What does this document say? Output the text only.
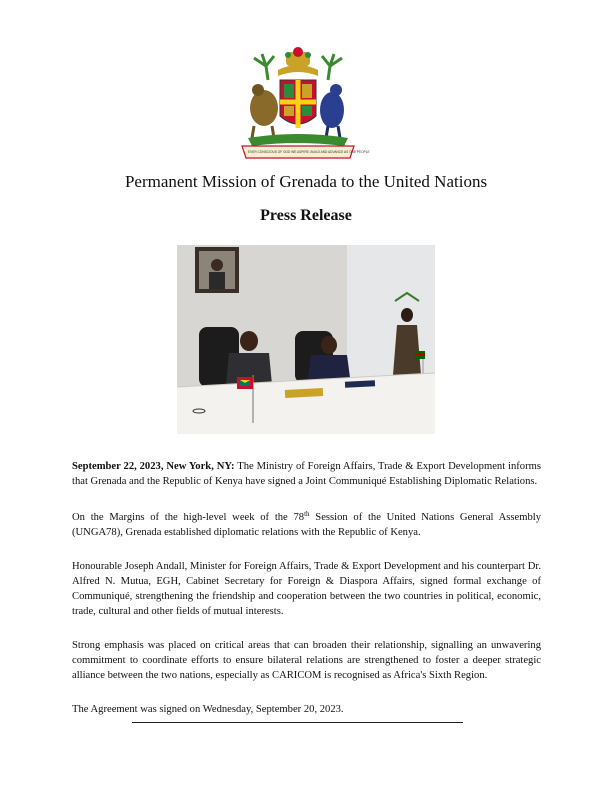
EVER CONSCIOUS OF GOD WE ASPIRE, BUILD AND ADVANCE AS ONE PEOPLE
Permanent Mission of Grenada to the United Nations
Press Release
September 22, 2023, New York, NY: The Ministry of Foreign Affairs, Trade & Export Development informs that Grenada and the Republic of Kenya have signed a Joint Communiqué Establishing Diplomatic Relations.
On the Margins of the high-level week of the 78th Session of the United Nations General Assembly (UNGA78), Grenada established diplomatic relations with the Republic of Kenya.
Honourable Joseph Andall, Minister for Foreign Affairs, Trade & Export Development and his counterpart Dr. Alfred N. Mutua, EGH, Cabinet Secretary for Foreign & Diaspora Affairs, signed formal exchange of Communiqué, strengthening the friendship and cooperation between the two countries in political, economic, trade, cultural and other fields of mutual interests.
Strong emphasis was placed on critical areas that can broaden their relationship, signalling an unwavering commitment to coordinate efforts to ensure bilateral relations are strengthened to foster a deeper strategic alliance between the two nations, especially as CARICOM is recognised as Africa's Sixth Region.
The Agreement was signed on Wednesday, September 20, 2023.
